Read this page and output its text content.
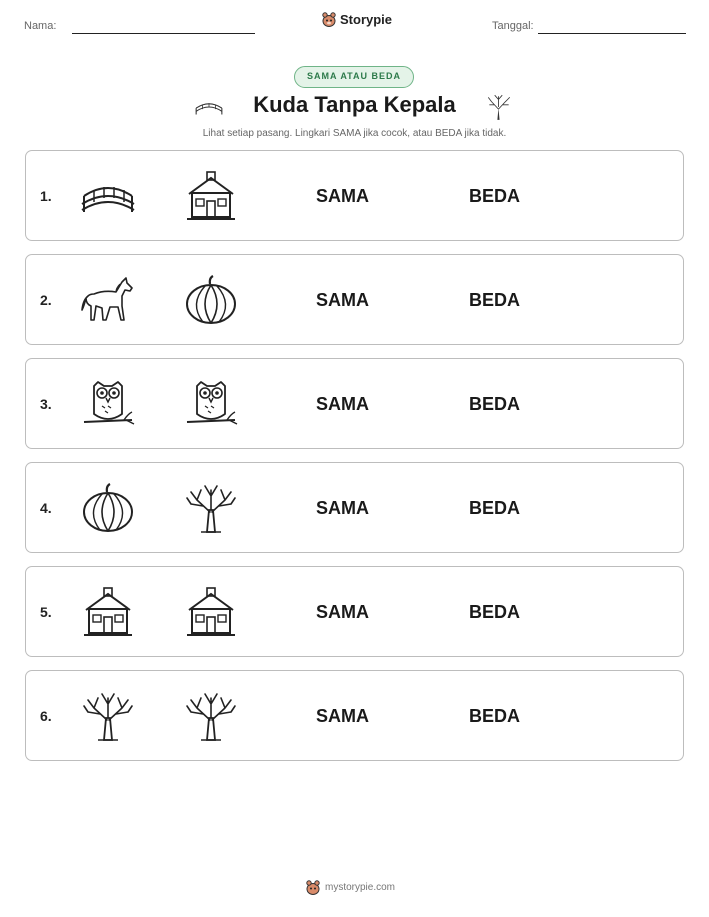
Nama:	Storypie	Tanggal:
SAMA ATAU BEDA
Kuda Tanpa Kepala
Lihat setiap pasang. Lingkari SAMA jika cocok, atau BEDA jika tidak.
1.	SAMA	BEDA
2.	SAMA	BEDA
3.	SAMA	BEDA
4.	SAMA	BEDA
5.	SAMA	BEDA
6.	SAMA	BEDA
mystorypie.com
